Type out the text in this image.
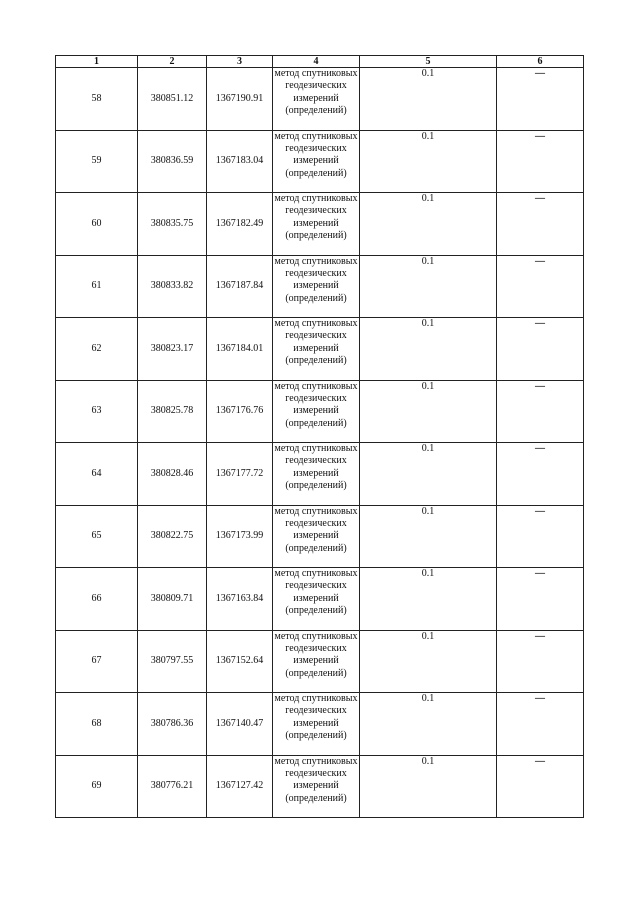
1	2	3	4	5	6
58	380851.12	1367190.91	метод спутниковых геодезических измерений (определений)	0.1	—
59	380836.59	1367183.04	метод спутниковых геодезических измерений (определений)	0.1	—
60	380835.75	1367182.49	метод спутниковых геодезических измерений (определений)	0.1	—
61	380833.82	1367187.84	метод спутниковых геодезических измерений (определений)	0.1	—
62	380823.17	1367184.01	метод спутниковых геодезических измерений (определений)	0.1	—
63	380825.78	1367176.76	метод спутниковых геодезических измерений (определений)	0.1	—
64	380828.46	1367177.72	метод спутниковых геодезических измерений (определений)	0.1	—
65	380822.75	1367173.99	метод спутниковых геодезических измерений (определений)	0.1	—
66	380809.71	1367163.84	метод спутниковых геодезических измерений (определений)	0.1	—
67	380797.55	1367152.64	метод спутниковых геодезических измерений (определений)	0.1	—
68	380786.36	1367140.47	метод спутниковых геодезических измерений (определений)	0.1	—
69	380776.21	1367127.42	метод спутниковых геодезических измерений (определений)	0.1	—
